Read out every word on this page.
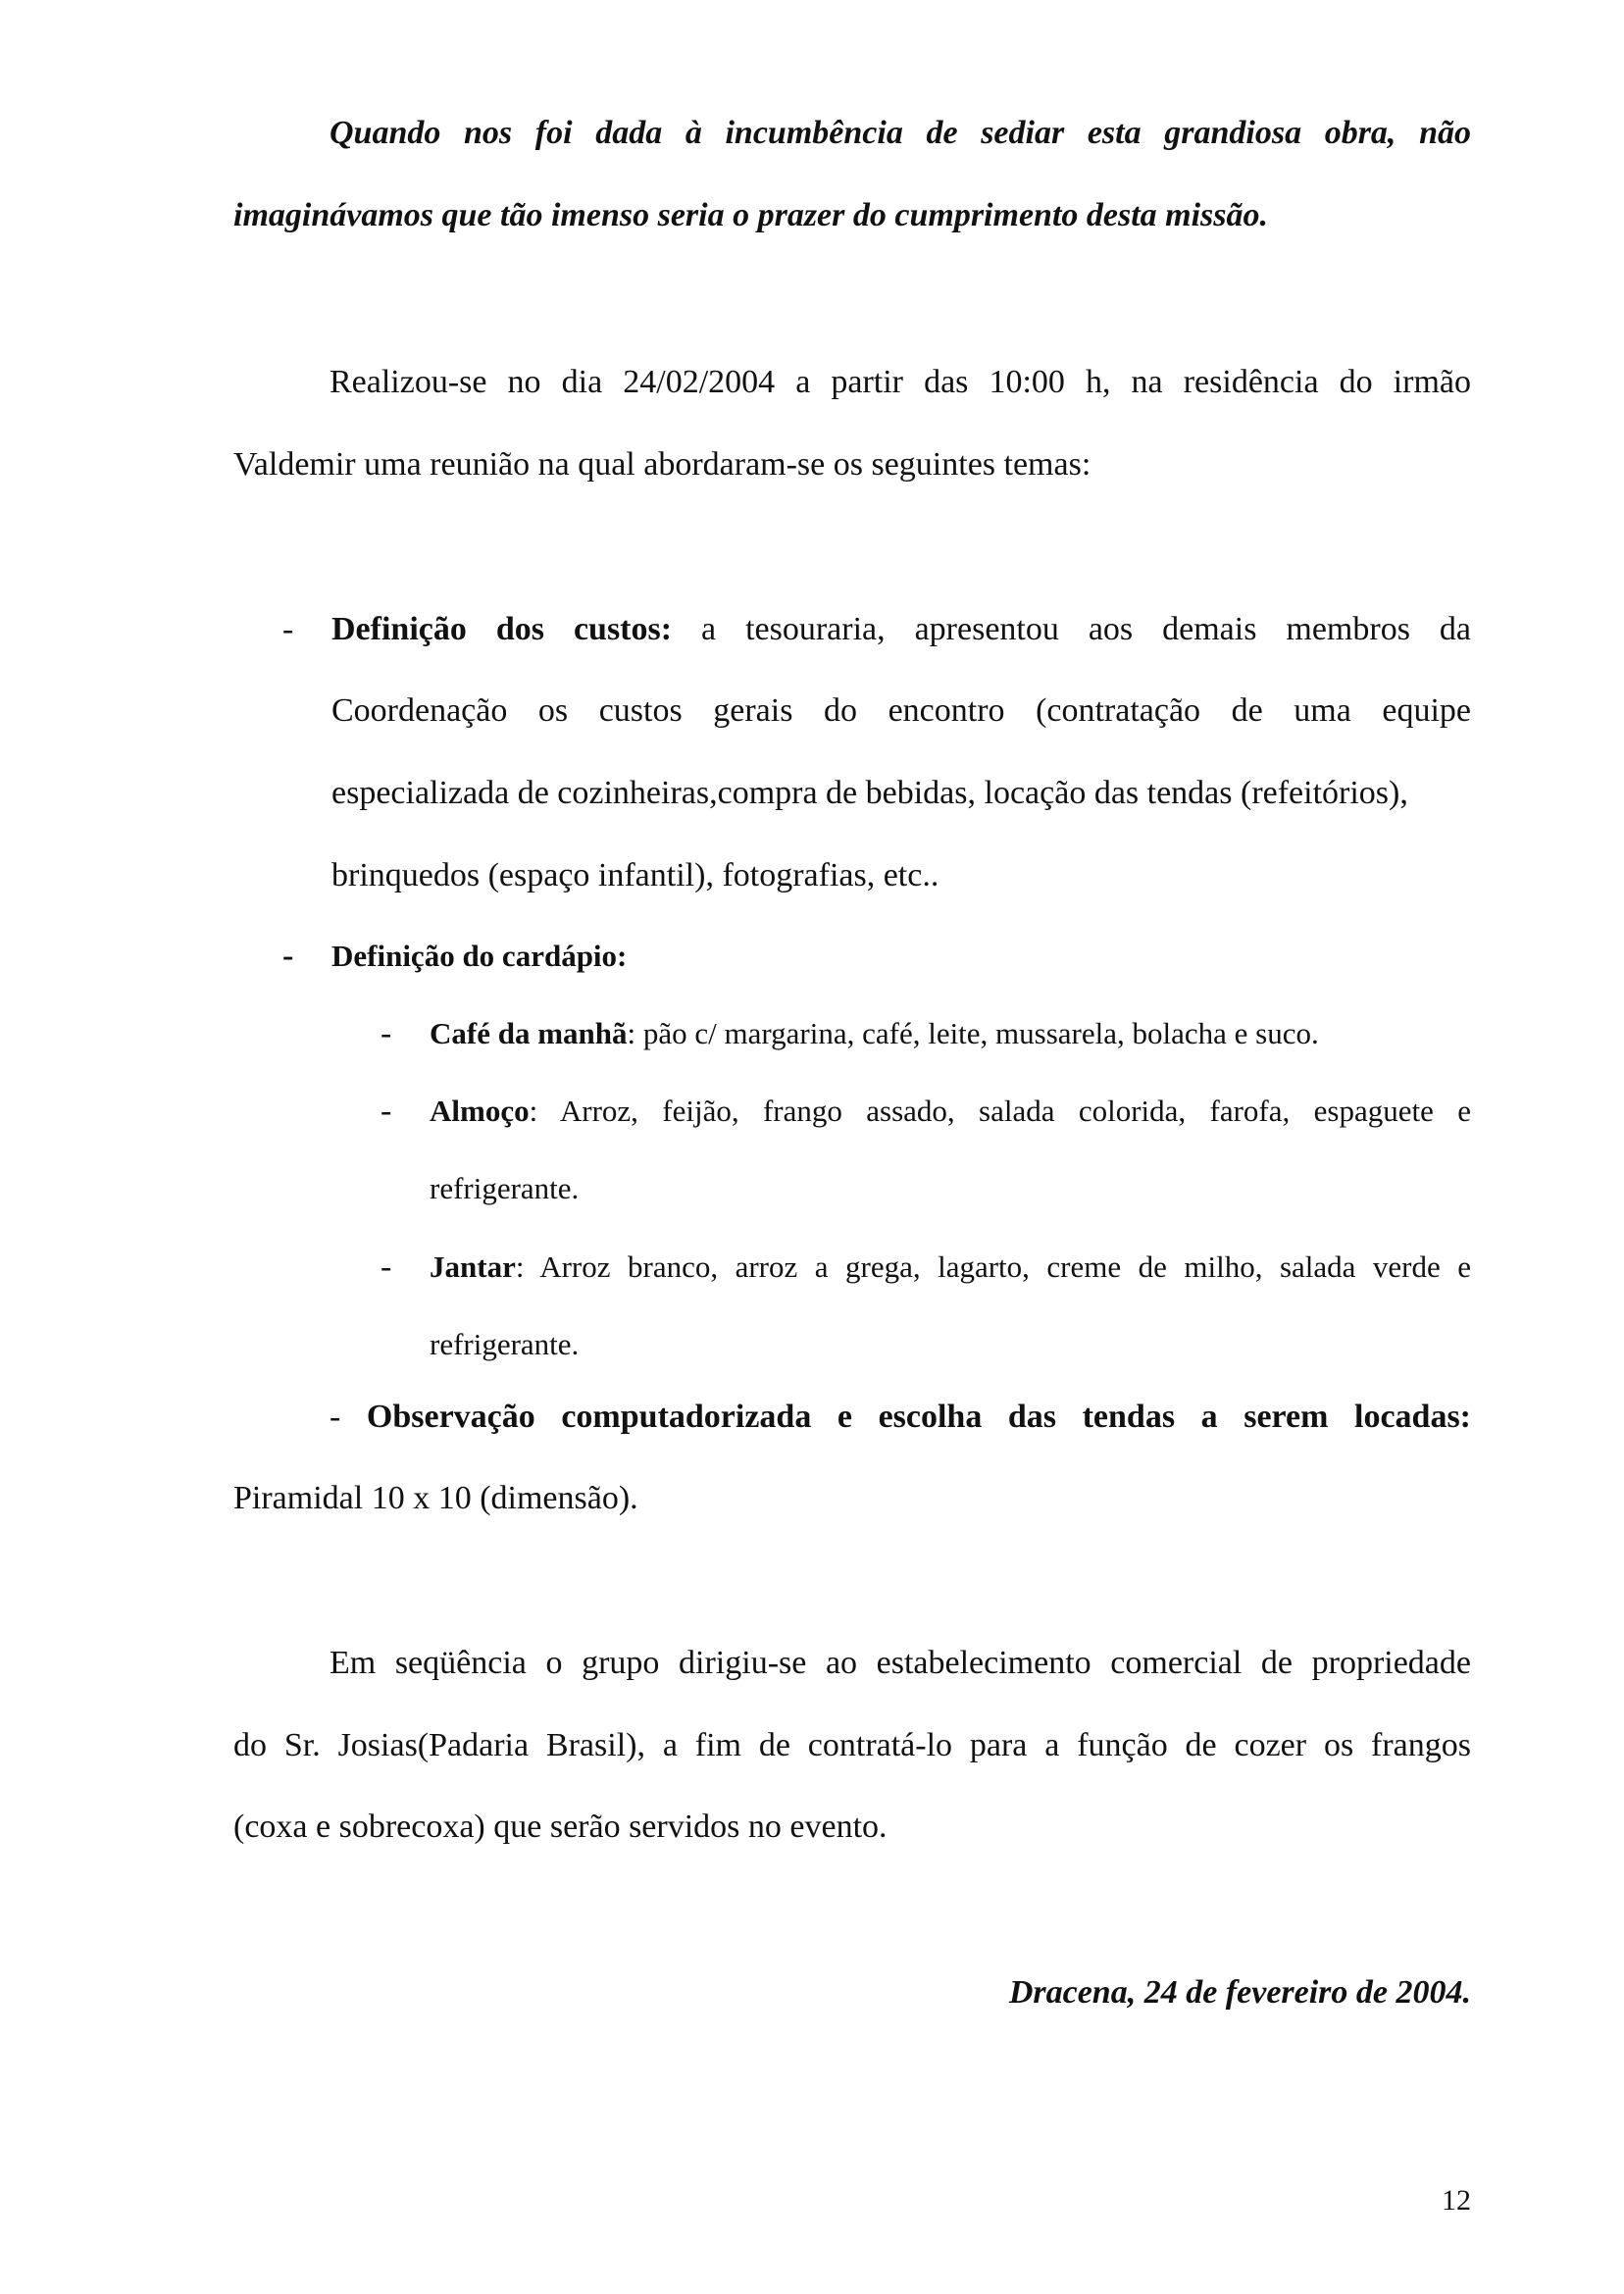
Quando nos foi dada à incumbência de sediar esta grandiosa obra, não
imaginávamos que tão imenso seria o prazer do cumprimento desta missão.
Realizou-se no dia 24/02/2004 a partir das 10:00 h, na residência do irmão
Valdemir uma reunião na qual abordaram-se os seguintes temas:
- Definição dos custos: a tesouraria, apresentou aos demais membros da
Coordenação os custos gerais do encontro (contratação de uma equipe
especializada de cozinheiras,compra de bebidas, locação das tendas (refeitórios),
brinquedos (espaço infantil), fotografias, etc..
- Definição do cardápio:
- Café da manhã: pão c/ margarina, café, leite, mussarela, bolacha e suco.
- Almoço: Arroz, feijão, frango assado, salada colorida, farofa, espaguete e
refrigerante.
- Jantar: Arroz branco, arroz a grega, lagarto, creme de milho, salada verde e
refrigerante.
- Observação computadorizada e escolha das tendas a serem locadas:
Piramidal 10 x 10 (dimensão).
Em seqüência o grupo dirigiu-se ao estabelecimento comercial de propriedade
do Sr. Josias(Padaria Brasil), a fim de contratá-lo para a função de cozer os frangos
(coxa e sobrecoxa) que serão servidos no evento.
Dracena, 24 de fevereiro de 2004.
12
